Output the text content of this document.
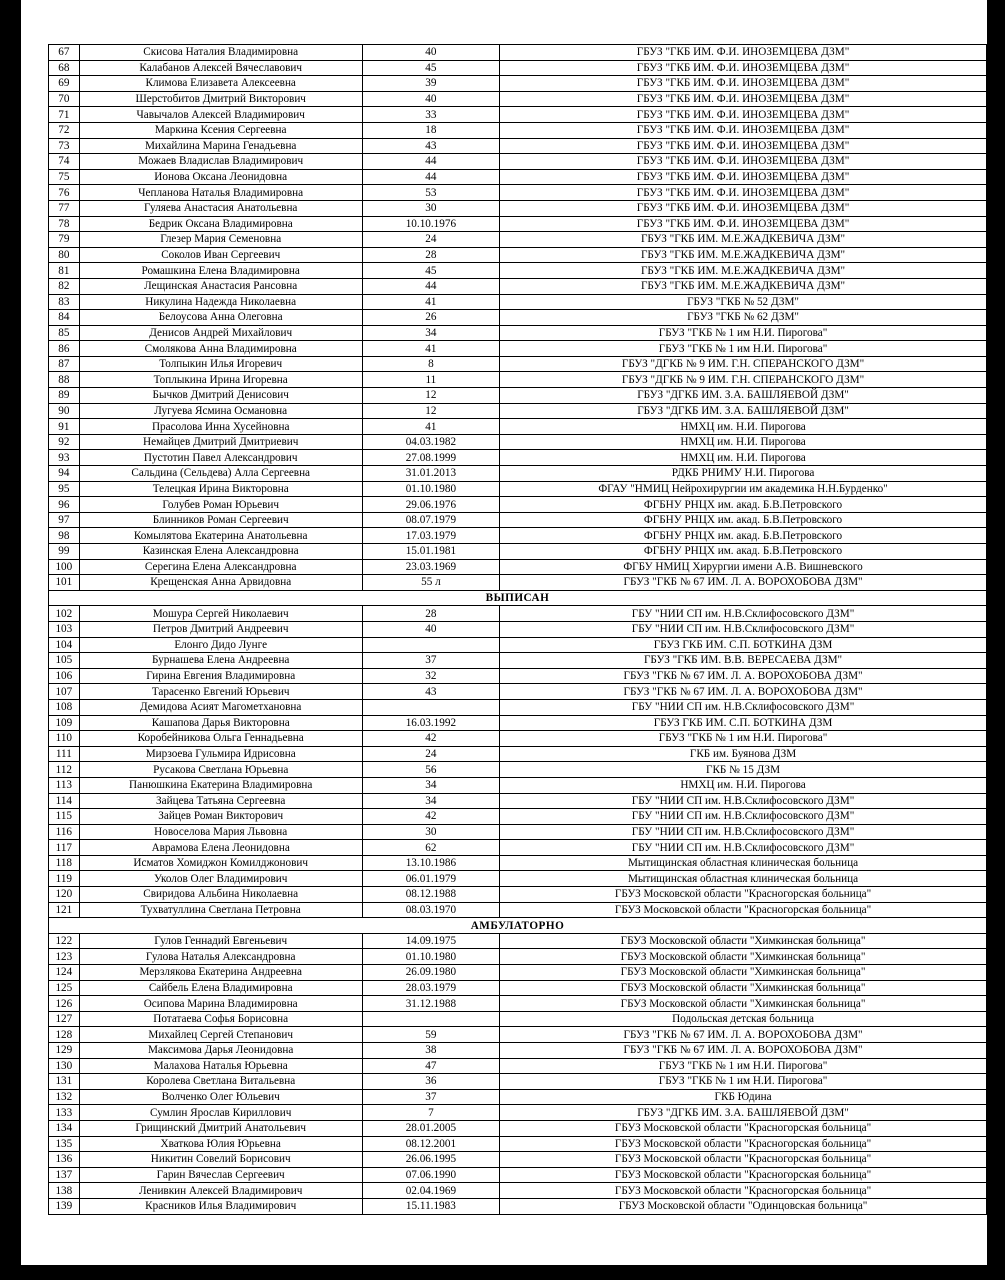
67	Скисова Наталия Владимировна	40	ГБУЗ "ГКБ ИМ. Ф.И. ИНОЗЕМЦЕВА ДЗМ"
68	Калабанов Алексей Вячеславович	45	ГБУЗ "ГКБ ИМ. Ф.И. ИНОЗЕМЦЕВА ДЗМ"
69	Климова Елизавета Алексеевна	39	ГБУЗ "ГКБ ИМ. Ф.И. ИНОЗЕМЦЕВА ДЗМ"
70	Шерстобитов Дмитрий Викторович	40	ГБУЗ "ГКБ ИМ. Ф.И. ИНОЗЕМЦЕВА ДЗМ"
71	Чавычалов Алексей Владимирович	33	ГБУЗ "ГКБ ИМ. Ф.И. ИНОЗЕМЦЕВА ДЗМ"
72	Маркина Ксения Сергеевна	18	ГБУЗ "ГКБ ИМ. Ф.И. ИНОЗЕМЦЕВА ДЗМ"
73	Михайлина Марина Генадьевна	43	ГБУЗ "ГКБ ИМ. Ф.И. ИНОЗЕМЦЕВА ДЗМ"
74	Можаев Владислав Владимирович	44	ГБУЗ "ГКБ ИМ. Ф.И. ИНОЗЕМЦЕВА ДЗМ"
75	Ионова Оксана Леонидовна	44	ГБУЗ "ГКБ ИМ. Ф.И. ИНОЗЕМЦЕВА ДЗМ"
76	Чепланова Наталья Владимировна	53	ГБУЗ "ГКБ ИМ. Ф.И. ИНОЗЕМЦЕВА ДЗМ"
77	Гуляева Анастасия Анатольевна	30	ГБУЗ "ГКБ ИМ. Ф.И. ИНОЗЕМЦЕВА ДЗМ"
78	Бедрик Оксана Владимировна	10.10.1976	ГБУЗ "ГКБ ИМ. Ф.И. ИНОЗЕМЦЕВА ДЗМ"
79	Глезер Мария Семеновна	24	ГБУЗ "ГКБ ИМ. М.Е.ЖАДКЕВИЧА ДЗМ"
80	Соколов Иван Сергеевич	28	ГБУЗ "ГКБ ИМ. М.Е.ЖАДКЕВИЧА ДЗМ"
81	Ромашкина Елена Владимировна	45	ГБУЗ "ГКБ ИМ. М.Е.ЖАДКЕВИЧА ДЗМ"
82	Лещинская Анастасия Рансовна	44	ГБУЗ "ГКБ ИМ. М.Е.ЖАДКЕВИЧА ДЗМ"
83	Никулина Надежда Николаевна	41	ГБУЗ "ГКБ № 52 ДЗМ"
84	Белоусова Анна Олеговна	26	ГБУЗ "ГКБ № 62 ДЗМ"
85	Денисов Андрей Михайлович	34	ГБУЗ "ГКБ № 1 им Н.И. Пирогова"
86	Смолякова Анна Владимировна	41	ГБУЗ "ГКБ № 1 им Н.И. Пирогова"
87	Толпыкин Илья Игоревич	8	ГБУЗ "ДГКБ № 9 ИМ. Г.Н. СПЕРАНСКОГО ДЗМ"
88	Топлыкина Ирина Игоревна	11	ГБУЗ "ДГКБ № 9 ИМ. Г.Н. СПЕРАНСКОГО ДЗМ"
89	Бычков Дмитрий Денисович	12	ГБУЗ "ДГКБ ИМ. З.А. БАШЛЯЕВОЙ ДЗМ"
90	Лугуева Ясмина Османовна	12	ГБУЗ "ДГКБ ИМ. З.А. БАШЛЯЕВОЙ ДЗМ"
91	Прасолова Инна Хусейновна	41	НМХЦ им. Н.И. Пирогова
92	Немайцев Дмитрий Дмитриевич	04.03.1982	НМХЦ им. Н.И. Пирогова
93	Пустотин Павел Александрович	27.08.1999	НМХЦ им. Н.И. Пирогова
94	Сальдина (Сельдева) Алла Сергеевна	31.01.2013	РДКБ РНИМУ Н.И. Пирогова
95	Телецкая Ирина Викторовна	01.10.1980	ФГАУ "НМИЦ Нейрохирургии им академика Н.Н.Бурденко"
96	Голубев Роман Юрьевич	29.06.1976	ФГБНУ РНЦХ им. акад. Б.В.Петровского
97	Блинников Роман Сергеевич	08.07.1979	ФГБНУ РНЦХ им. акад. Б.В.Петровского
98	Комылятова Екатерина Анатольевна	17.03.1979	ФГБНУ РНЦХ им. акад. Б.В.Петровского
99	Казинская Елена Александровна	15.01.1981	ФГБНУ РНЦХ им. акад. Б.В.Петровского
100	Серегина Елена Александровна	23.03.1969	ФГБУ НМИЦ Хирургии имени А.В. Вишневского
101	Крещенская Анна Арвидовна	55 л	ГБУЗ "ГКБ № 67 ИМ. Л. А. ВОРОХОБОВА ДЗМ"
ВЫПИСАН			
102	Мошура Сергей Николаевич	28	ГБУ "НИИ СП им. Н.В.Склифосовского ДЗМ"
103	Петров Дмитрий Андреевич	40	ГБУ "НИИ СП им. Н.В.Склифосовского ДЗМ"
104	Елонго Дидо Лунге		ГБУЗ ГКБ ИМ. С.П. БОТКИНА ДЗМ
105	Бурнашева Елена Андреевна	37	ГБУЗ "ГКБ ИМ. В.В. ВЕРЕСАЕВА ДЗМ"
106	Гирина Евгения Владимировна	32	ГБУЗ "ГКБ № 67 ИМ. Л. А. ВОРОХОБОВА ДЗМ"
107	Тарасенко Евгений Юрьевич	43	ГБУЗ "ГКБ № 67 ИМ. Л. А. ВОРОХОБОВА ДЗМ"
108	Демидова Асият Магометхановна		ГБУ "НИИ СП им. Н.В.Склифосовского ДЗМ"
109	Кашапова Дарья Викторовна	16.03.1992	ГБУЗ ГКБ ИМ. С.П. БОТКИНА ДЗМ
110	Коробейникова Ольга Геннадьевна	42	ГБУЗ "ГКБ № 1 им Н.И. Пирогова"
111	Мирзоева Гульмира Идрисовна	24	ГКБ им. Буянова ДЗМ
112	Русакова Светлана Юрьевна	56	ГКБ № 15 ДЗМ
113	Панюшкина Екатерина Владимировна	34	НМХЦ им. Н.И. Пирогова
114	Зайцева Татьяна Сергеевна	34	ГБУ "НИИ СП им. Н.В.Склифосовского ДЗМ"
115	Зайцев Роман Викторович	42	ГБУ "НИИ СП им. Н.В.Склифосовского ДЗМ"
116	Новоселова Мария Львовна	30	ГБУ "НИИ СП им. Н.В.Склифосовского ДЗМ"
117	Аврамова Елена Леонидовна	62	ГБУ "НИИ СП им. Н.В.Склифосовского ДЗМ"
118	Исматов Хомиджон Комилджонович	13.10.1986	Мытищинская областная клиническая больница
119	Уколов Олег Владимирович	06.01.1979	Мытищинская областная клиническая больница
120	Свиридова Альбина Николаевна	08.12.1988	ГБУЗ Московской области "Красногорская больница"
121	Тухватуллина Светлана Петровна	08.03.1970	ГБУЗ Московской области "Красногорская больница"
АМБУЛАТОРНО			
122	Гулов Геннадий Евгеньевич	14.09.1975	ГБУЗ Московской области "Химкинская больница"
123	Гулова Наталья Александровна	01.10.1980	ГБУЗ Московской области "Химкинская больница"
124	Мерзлякова Екатерина Андреевна	26.09.1980	ГБУЗ Московской области "Химкинская больница"
125	Сайбель Елена Владимировна	28.03.1979	ГБУЗ Московской области "Химкинская больница"
126	Осипова Марина Владимировна	31.12.1988	ГБУЗ Московской области "Химкинская больница"
127	Потатаева Софья Борисовна		Подольская детская больница
128	Михайлец Сергей Степанович	59	ГБУЗ "ГКБ № 67 ИМ. Л. А. ВОРОХОБОВА ДЗМ"
129	Максимова Дарья Леонидовна	38	ГБУЗ "ГКБ № 67 ИМ. Л. А. ВОРОХОБОВА ДЗМ"
130	Малахова Наталья Юрьевна	47	ГБУЗ "ГКБ № 1 им Н.И. Пирогова"
131	Королева Светлана Витальевна	36	ГБУЗ "ГКБ № 1 им Н.И. Пирогова"
132	Волченко Олег Юльевич	37	ГКБ Юдина
133	Сумлин Ярослав Кириллович	7	ГБУЗ "ДГКБ ИМ. З.А. БАШЛЯЕВОЙ ДЗМ"
134	Грищинский Дмитрий Анатольевич	28.01.2005	ГБУЗ Московской области "Красногорская больница"
135	Хваткова Юлия Юрьевна	08.12.2001	ГБУЗ Московской области "Красногорская больница"
136	Никитин Совелий Борисович	26.06.1995	ГБУЗ Московской области "Красногорская больница"
137	Гарин Вячеслав Сергеевич	07.06.1990	ГБУЗ Московской области "Красногорская больница"
138	Ленивкин Алексей Владимирович	02.04.1969	ГБУЗ Московской области "Красногорская больница"
139	Красников Илья Владимирович	15.11.1983	ГБУЗ Московской области "Одинцовская больница"
